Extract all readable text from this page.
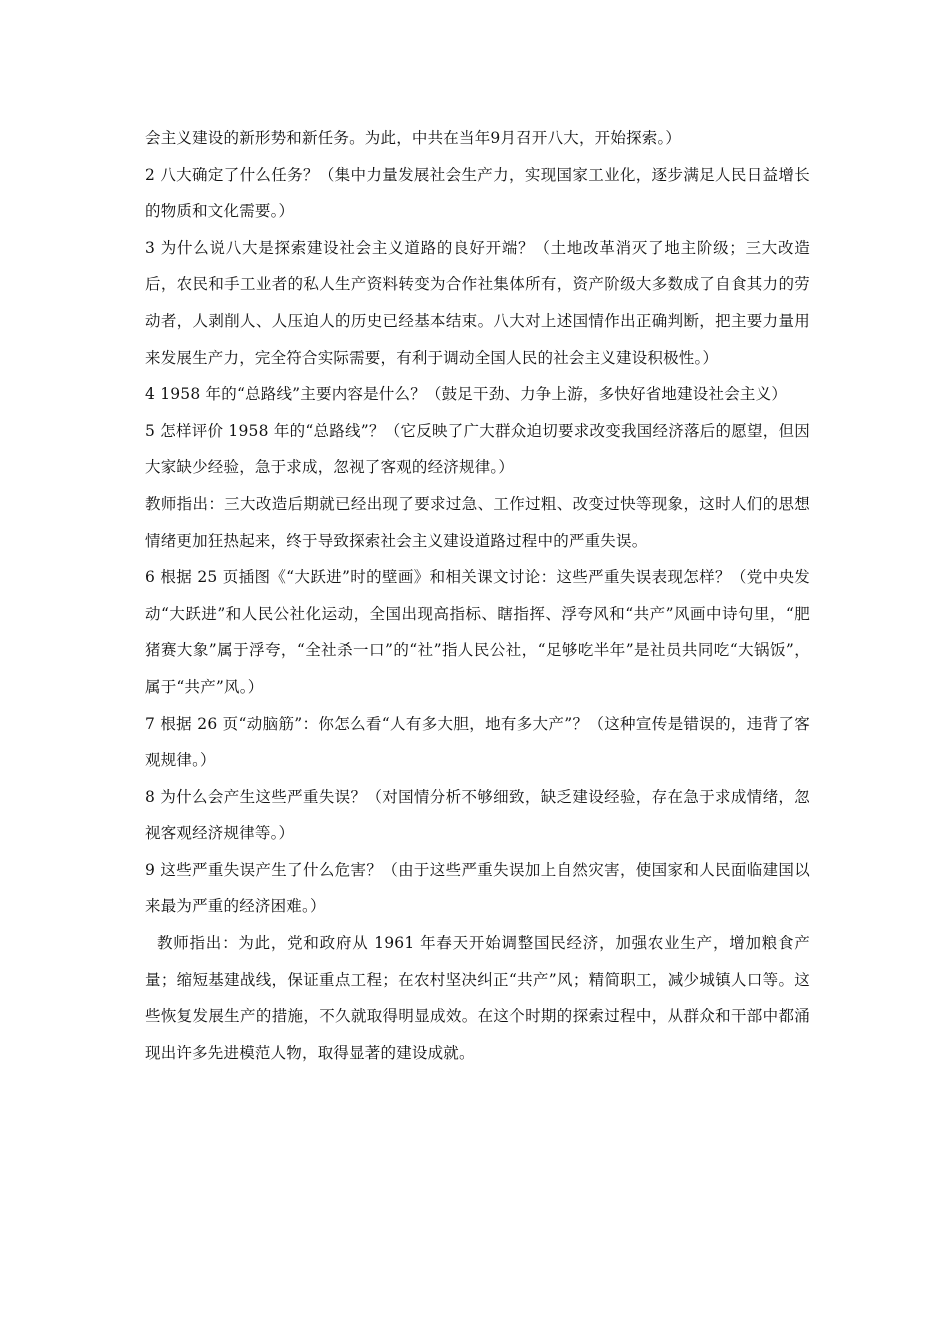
会主义建设的新形势和新任务。为此，中共在当年9月召开八大，开始探索。）

2 八大确定了什么任务？（集中力量发展社会生产力，实现国家工业化，逐步满足人民日益增长的物质和文化需要。）

3 为什么说八大是探索建设社会主义道路的良好开端？（土地改革消灭了地主阶级；三大改造后，农民和手工业者的私人生产资料转变为合作社集体所有，资产阶级大多数成了自食其力的劳动者，人剥削人、人压迫人的历史已经基本结束。八大对上述国情作出正确判断，把主要力量用来发展生产力，完全符合实际需要，有利于调动全国人民的社会主义建设积极性。）

4 1958 年的“总路线”主要内容是什么？（鼓足干劲、力争上游，多快好省地建设社会主义）

5 怎样评价 1958 年的“总路线”？（它反映了广大群众迫切要求改变我国经济落后的愿望，但因大家缺少经验，急于求成，忽视了客观的经济规律。）

教师指出：三大改造后期就已经出现了要求过急、工作过粗、改变过快等现象，这时人们的思想情绪更加狂热起来，终于导致探索社会主义建设道路过程中的严重失误。

6 根据 25 页插图《“大跃进”时的壁画》和相关课文讨论：这些严重失误表现怎样？（党中央发动“大跃进”和人民公社化运动，全国出现高指标、瞎指挥、浮夸风和“共产”风画中诗句里，“肥猪赛大象”属于浮夸，“全社杀一口”的“社”指人民公社，“足够吃半年”是社员共同吃“大锅饭”，属于“共产”风。）

7 根据 26 页“动脑筋”：你怎么看“人有多大胆，地有多大产”？（这种宣传是错误的，违背了客观规律。）

8 为什么会产生这些严重失误？（对国情分析不够细致，缺乏建设经验，存在急于求成情绪，忽视客观经济规律等。）

9 这些严重失误产生了什么危害？（由于这些严重失误加上自然灾害，使国家和人民面临建国以来最为严重的经济困难。）

教师指出：为此，党和政府从 1961 年春天开始调整国民经济，加强农业生产，增加粮食产量；缩短基建战线，保证重点工程；在农村坚决纠正“共产”风；精简职工，减少城镇人口等。这些恢复发展生产的措施，不久就取得明显成效。在这个时期的探索过程中，从群众和干部中都涌现出许多先进模范人物，取得显著的建设成就。
